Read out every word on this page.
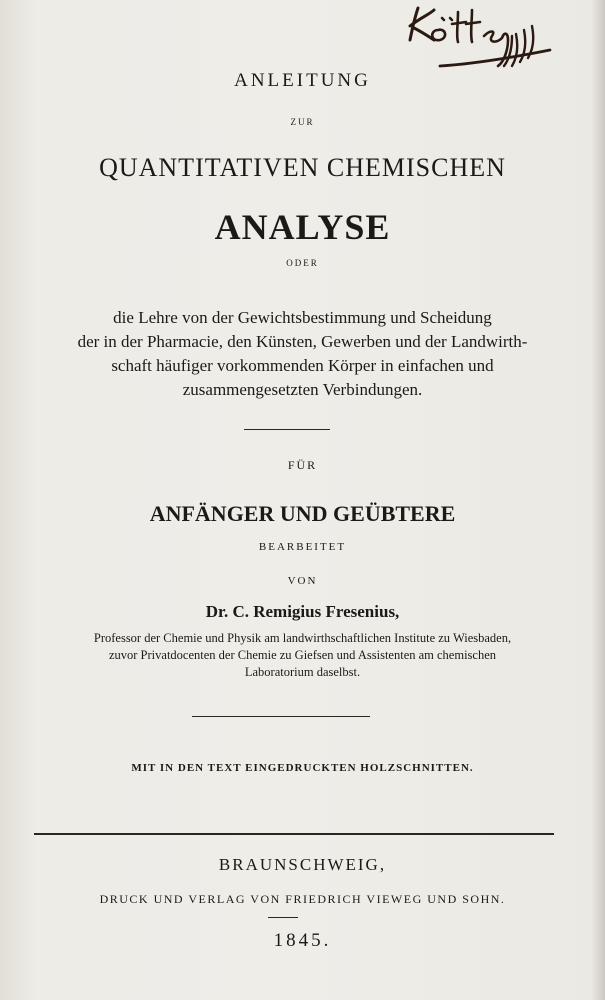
ANLEITUNG
ZUR
QUANTITATIVEN CHEMISCHEN
ANALYSE
ODER
die Lehre von der Gewichtsbestimmung und Scheidung
der in der Pharmacie, den Künsten, Gewerben und der Landwirth-
schaft häufiger vorkommenden Körper in einfachen und
zusammengesetzten Verbindungen.
FÜR
ANFÄNGER UND GEÜBTERE
BEARBEITET
VON
Dr. C. Remigius Fresenius,
Professor der Chemie und Physik am landwirthschaftlichen Institute zu Wiesbaden,
zuvor Privatdocenten der Chemie zu Giefsen und Assistenten am chemischen
Laboratorium daselbst.
MIT IN DEN TEXT EINGEDRUCKTEN HOLZSCHNITTEN.
BRAUNSCHWEIG,
DRUCK UND VERLAG VON FRIEDRICH VIEWEG UND SOHN.
1845.
